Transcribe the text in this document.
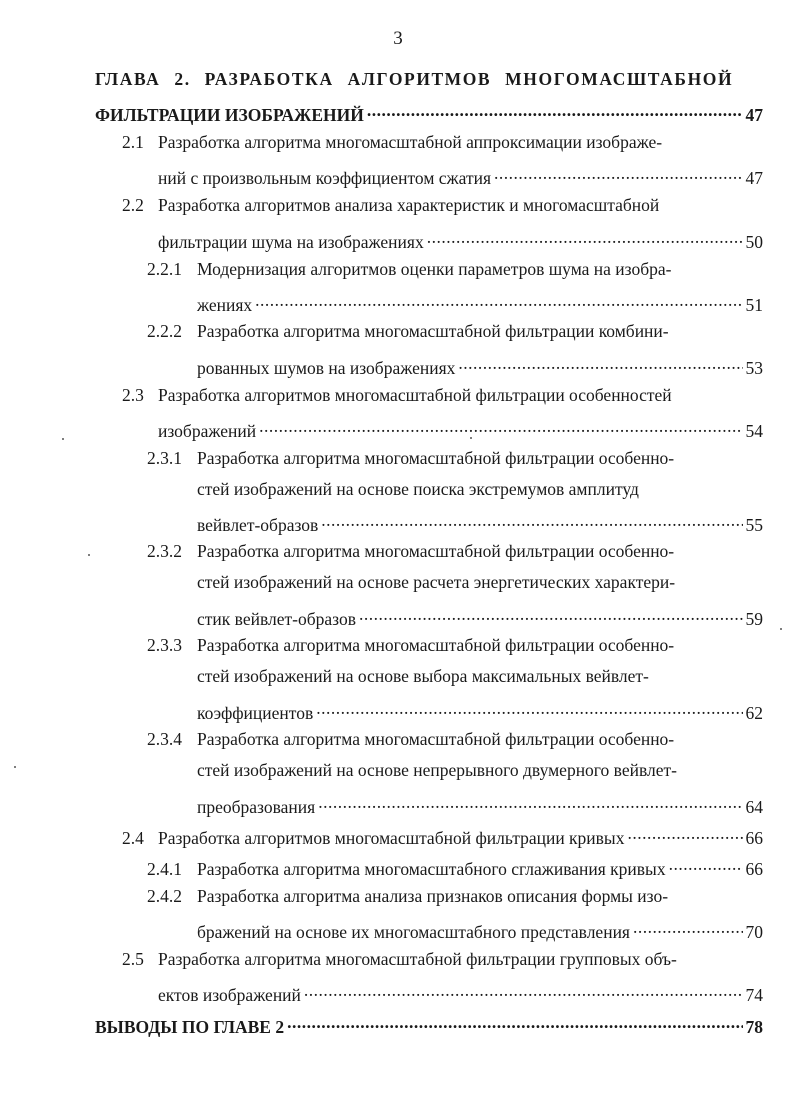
3
ГЛАВА 2. РАЗРАБОТКА АЛГОРИТМОВ МНОГОМАСШТАБНОЙ
ФИЛЬТРАЦИИ ИЗОБРАЖЕНИЙ .....	47
2.1 Разработка алгоритма многомасштабной аппроксимации изображе-
ний с произвольным коэффициентом сжатия .....	47
2.2 Разработка алгоритмов анализа характеристик и многомасштабной
фильтрации шума на изображениях .....	50
2.2.1 Модернизация алгоритмов оценки параметров шума на изобра-
жениях .....	51
2.2.2 Разработка алгоритма многомасштабной фильтрации комбини-
рованных шумов на изображениях .....	53
2.3 Разработка алгоритмов многомасштабной фильтрации особенностей
изображений .....	54
2.3.1 Разработка алгоритма многомасштабной фильтрации особенно-
стей изображений на основе поиска экстремумов амплитуд
вейвлет-образов .....	55
2.3.2 Разработка алгоритма многомасштабной фильтрации особенно-
стей изображений на основе расчета энергетических характери-
стик вейвлет-образов .....	59
2.3.3 Разработка алгоритма многомасштабной фильтрации особенно-
стей изображений на основе выбора максимальных вейвлет-
коэффициентов .....	62
2.3.4 Разработка алгоритма многомасштабной фильтрации особенно-
стей изображений на основе непрерывного двумерного вейвлет-
преобразования .....	64
2.4 Разработка алгоритмов многомасштабной фильтрации кривых .....	66
2.4.1 Разработка алгоритма многомасштабного сглаживания кривых .....	66
2.4.2 Разработка алгоритма анализа признаков описания формы изо-
бражений на основе их многомасштабного представления .....	70
2.5 Разработка алгоритма многомасштабной фильтрации групповых объ-
ектов изображений .....	74
ВЫВОДЫ ПО ГЛАВЕ 2 .....	78
